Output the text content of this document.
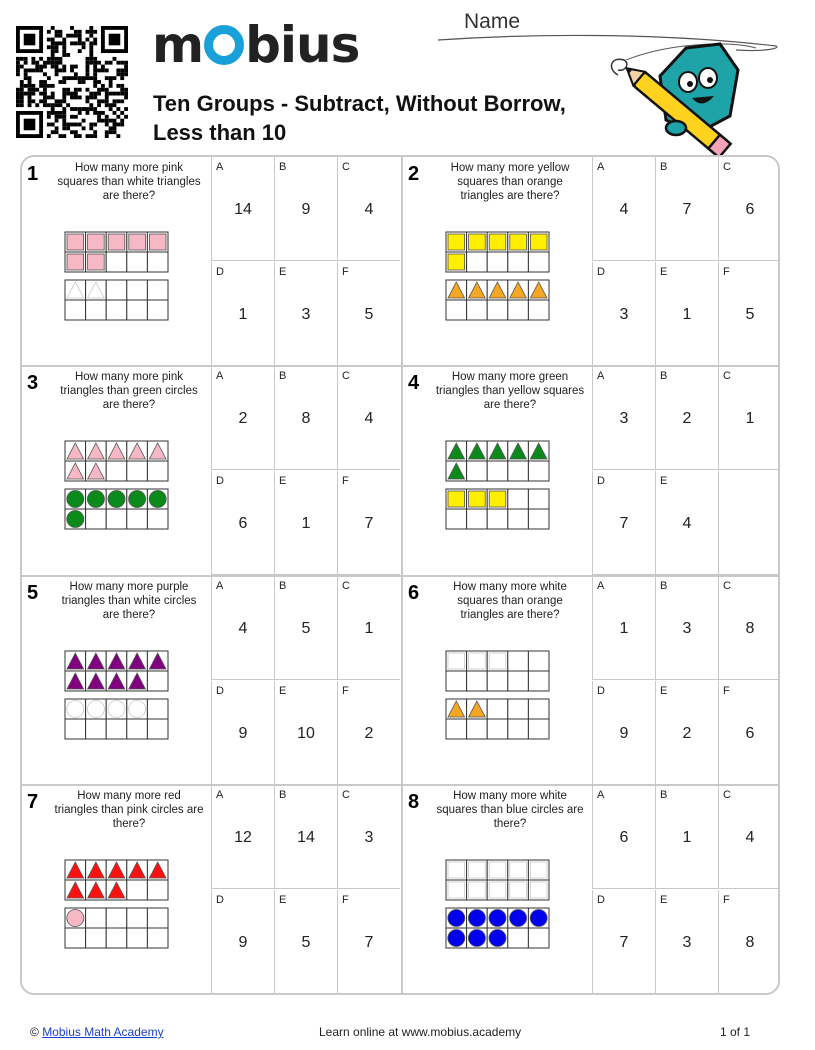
m bius
Ten Groups - Subtract, Without Borrow,
Less than 10
Name
1	How many more pink squares than white triangles are there?
A
14
B
9
C
4
D
1
E
3
F
5
2	How many more yellow squares than orange triangles are there?
A
4
B
7
C
6
D
3
E
1
F
5
3	How many more pink triangles than green circles are there?
A
2
B
8
C
4
D
6
E
1
F
7
4	How many more green triangles than yellow squares are there?
A
3
B
2
C
1
D
7
E
4
5	How many more purple triangles than white circles are there?
A
4
B
5
C
1
D
9
E
10
F
2
6	How many more white squares than orange triangles are there?
A
1
B
3
C
8
D
9
E
2
F
6
7	How many more red triangles than pink circles are there?
A
12
B
14
C
3
D
9
E
5
F
7
8	How many more white squares than blue circles are there?
A
6
B
1
C
4
D
7
E
3
F
8
© Mobius Math Academy	Learn online at www.mobius.academy	1 of 1
